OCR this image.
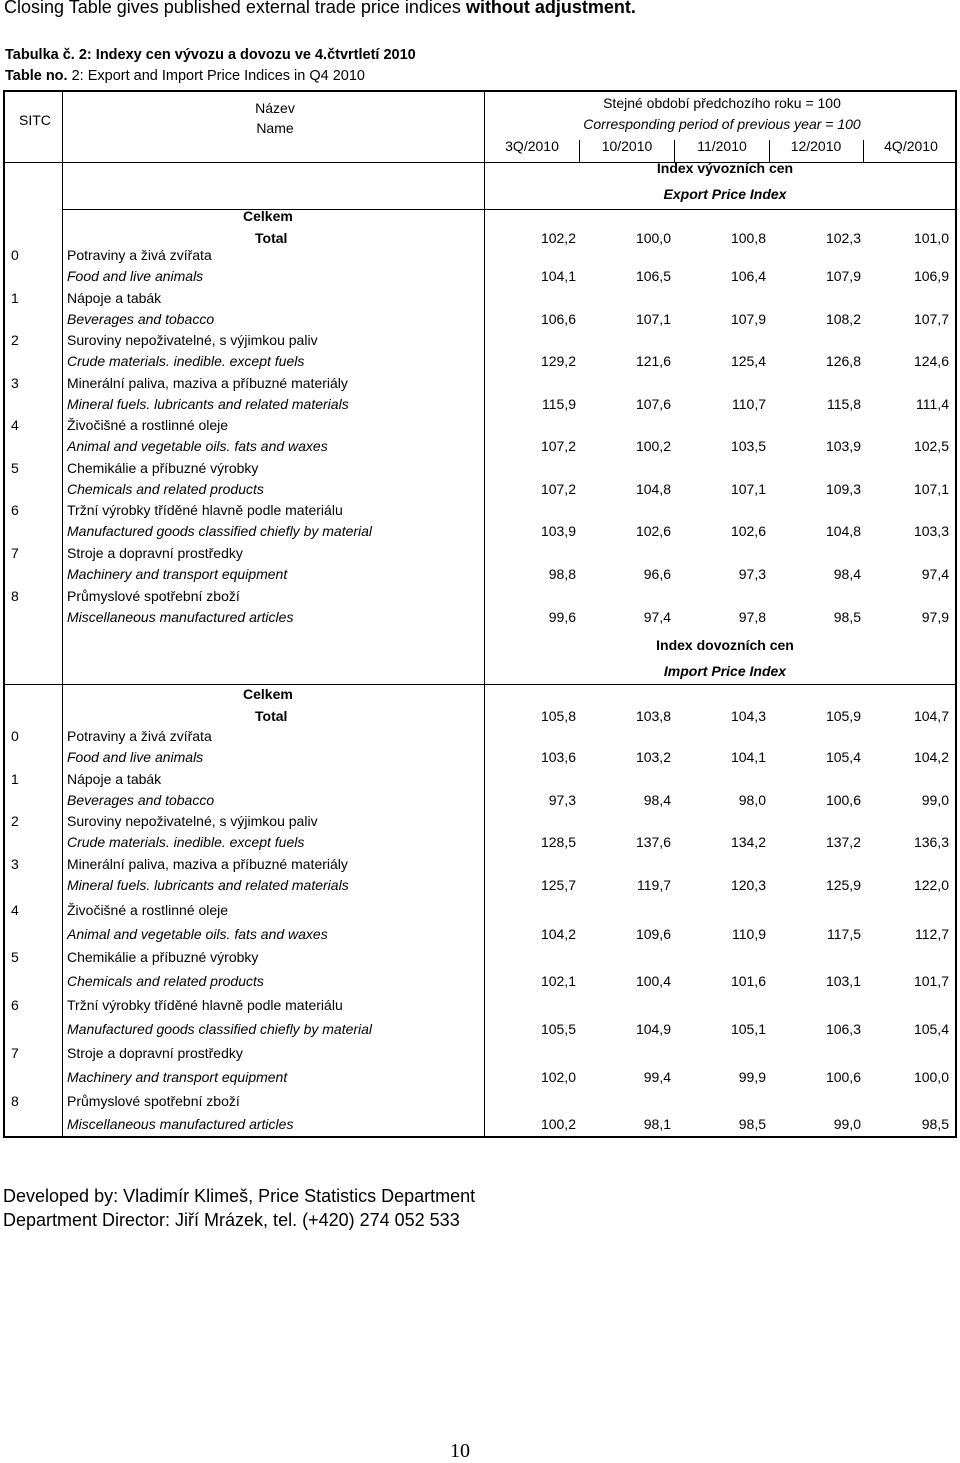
Closing Table gives published external trade price indices without adjustment.
Tabulka č. 2: Indexy cen vývozu a dovozu ve 4.čtvrtletí 2010
Table no. 2: Export and Import Price Indices in Q4 2010
SITC
Název
Name
Stejné období předchozího roku = 100
Corresponding period of previous year = 100
3Q/2010	10/2010	11/2010	12/2010	4Q/2010
Index vývozních cen
Export Price Index
Index dovozních cen
Import Price Index
Celkem
Total	102,2	100,0	100,8	102,3	101,0
0	Potraviny a živá zvířata
Food and live animals	104,1	106,5	106,4	107,9	106,9
1	Nápoje a tabák
Beverages and tobacco	106,6	107,1	107,9	108,2	107,7
2	Suroviny nepoživatelné, s výjimkou paliv
Crude materials. inedible. except fuels	129,2	121,6	125,4	126,8	124,6
3	Minerální paliva, maziva a příbuzné materiály
Mineral fuels. lubricants and related materials	115,9	107,6	110,7	115,8	111,4
4	Živočišné a rostlinné oleje
Animal and vegetable oils. fats and waxes	107,2	100,2	103,5	103,9	102,5
5	Chemikálie a příbuzné výrobky
Chemicals and related products	107,2	104,8	107,1	109,3	107,1
6	Tržní výrobky tříděné hlavně podle materiálu
Manufactured goods classified chiefly by material	103,9	102,6	102,6	104,8	103,3
7	Stroje a dopravní prostředky
Machinery and transport equipment	98,8	96,6	97,3	98,4	97,4
8	Průmyslové spotřební zboží
Miscellaneous manufactured articles	99,6	97,4	97,8	98,5	97,9
Celkem
Total	105,8	103,8	104,3	105,9	104,7
0	Potraviny a živá zvířata
Food and live animals	103,6	103,2	104,1	105,4	104,2
1	Nápoje a tabák
Beverages and tobacco	97,3	98,4	98,0	100,6	99,0
2	Suroviny nepoživatelné, s výjimkou paliv
Crude materials. inedible. except fuels	128,5	137,6	134,2	137,2	136,3
3	Minerální paliva, maziva a příbuzné materiály
Mineral fuels. lubricants and related materials	125,7	119,7	120,3	125,9	122,0
4	Živočišné a rostlinné oleje
Animal and vegetable oils. fats and waxes	104,2	109,6	110,9	117,5	112,7
5	Chemikálie a příbuzné výrobky
Chemicals and related products	102,1	100,4	101,6	103,1	101,7
6	Tržní výrobky tříděné hlavně podle materiálu
Manufactured goods classified chiefly by material	105,5	104,9	105,1	106,3	105,4
7	Stroje a dopravní prostředky
Machinery and transport equipment	102,0	99,4	99,9	100,6	100,0
8	Průmyslové spotřební zboží
Miscellaneous manufactured articles	100,2	98,1	98,5	99,0	98,5
Developed by: Vladimír Klimeš, Price Statistics Department
Department Director: Jiří Mrázek, tel. (+420) 274 052 533
10
